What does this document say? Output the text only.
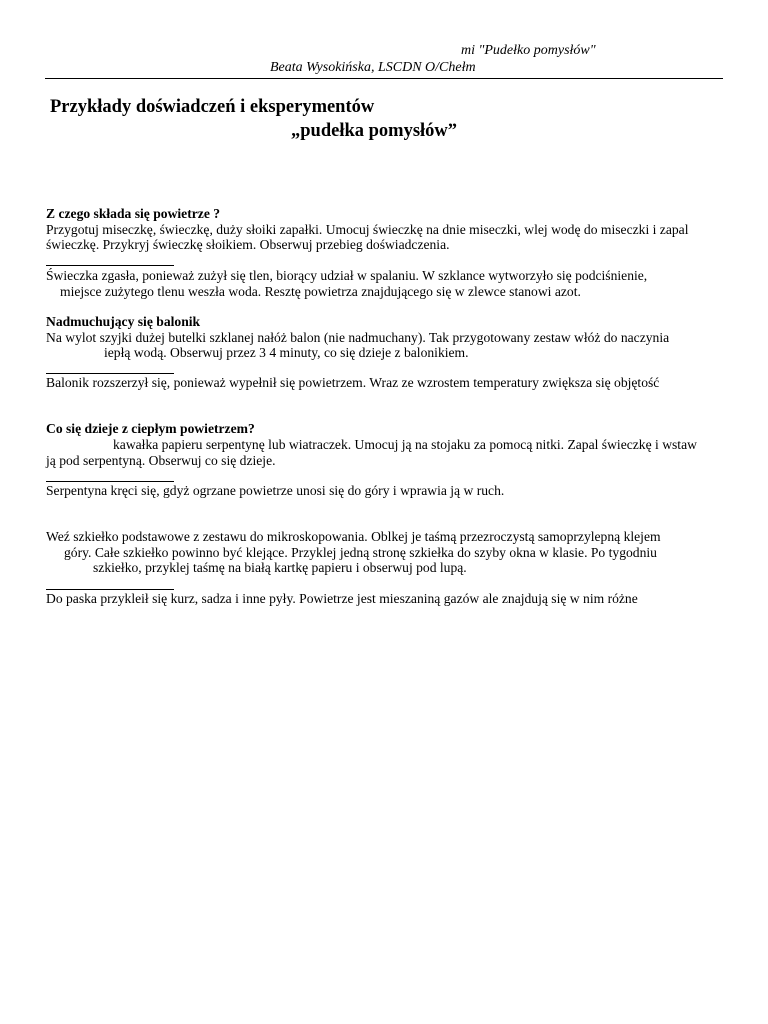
mi "Pudełko pomysłów"
Beata Wysokińska, LSCDN O/Chełm
Przykłady doświadczeń i eksperymentów
„pudełka pomysłów”
Z czego składa się powietrze ?
Przygotuj miseczkę, świeczkę, duży słoiki zapałki. Umocuj świeczkę na dnie miseczki, wlej wodę do miseczki i zapal
świeczkę. Przykryj świeczkę słoikiem. Obserwuj przebieg doświadczenia.
Świeczka zgasła, ponieważ zużył się tlen, biorący udział w spalaniu. W szklance wytworzyło się podciśnienie,
miejsce zużytego tlenu weszła woda. Resztę powietrza znajdującego się w zlewce stanowi azot.
Nadmuchujący się balonik
Na wylot szyjki dużej butelki szklanej nałóż balon (nie nadmuchany). Tak przygotowany zestaw włóż do naczynia
iepłą wodą. Obserwuj przez 3 4 minuty, co się dzieje z balonikiem.
Balonik rozszerzył się, ponieważ wypełnił się powietrzem. Wraz ze wzrostem temperatury zwiększa się objętość
Co się dzieje z ciepłym powietrzem?
kawałka papieru serpentynę lub wiatraczek. Umocuj ją na stojaku za pomocą nitki. Zapal świeczkę i wstaw
ją pod serpentyną. Obserwuj co się dzieje.
Serpentyna kręci się, gdyż ogrzane powietrze unosi się do góry i wprawia ją w ruch.
Weź szkiełko podstawowe z zestawu do mikroskopowania. Oblkej je taśmą przezroczystą samoprzylepną klejem
góry. Całe szkiełko powinno być klejące. Przyklej jedną stronę szkiełka do szyby okna w klasie. Po tygodniu
szkiełko, przyklej taśmę na białą kartkę papieru i obserwuj pod lupą.
Do paska przyklеił się kurz, sadza i inne pyły. Powietrze jest mieszaniną gazów ale znajdują się w nim różne
